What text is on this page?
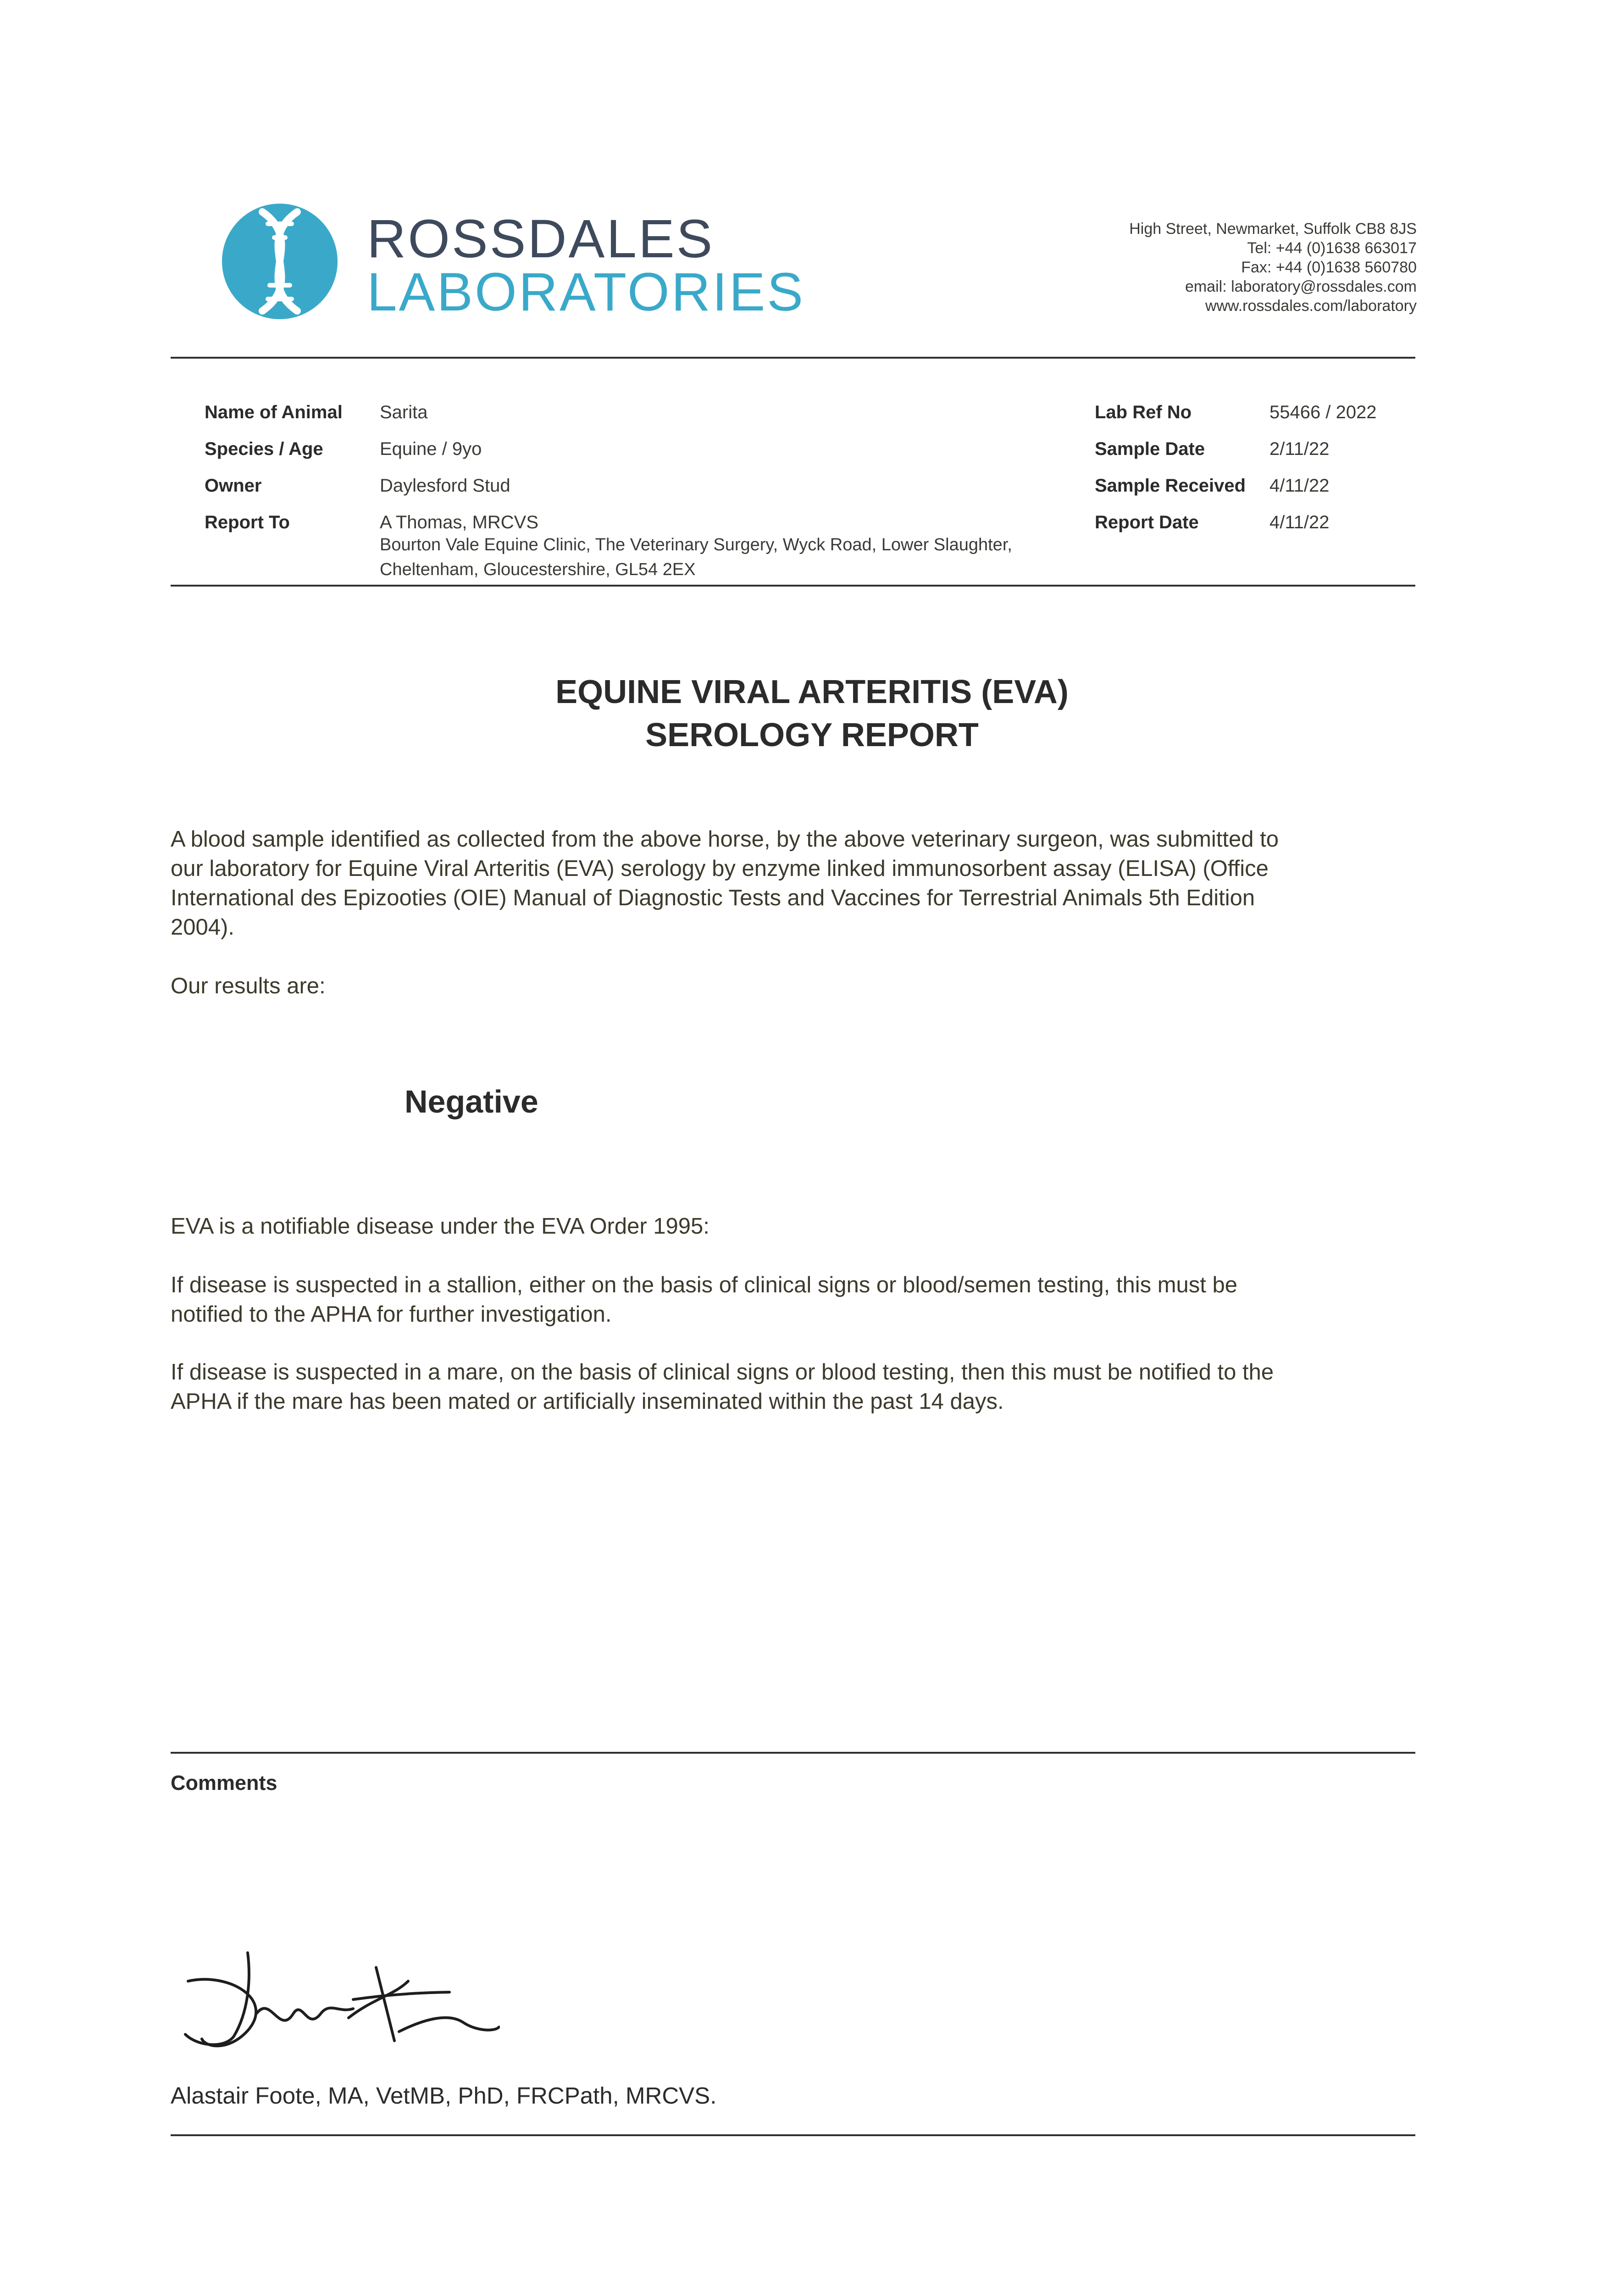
ROSSDALES
LABORATORIES
High Street, Newmarket, Suffolk CB8 8JS
Tel: +44 (0)1638 663017
Fax: +44 (0)1638 560780
email: laboratory@rossdales.com
www.rossdales.com/laboratory
Name of Animal Sarita
Species / Age	Equine / 9yo
Owner	Daylesford Stud
Report To	A Thomas, MRCVS
Bourton Vale Equine Clinic, The Veterinary Surgery, Wyck Road, Lower Slaughter,
Cheltenham, Gloucestershire, GL54 2EX
Lab Ref No	55466 / 2022
Sample Date	2/11/22
Sample Received 4/11/22
Report Date	4/11/22
EQUINE VIRAL ARTERITIS (EVA)
SEROLOGY REPORT
A blood sample identified as collected from the above horse, by the above veterinary surgeon, was submitted to
our laboratory for Equine Viral Arteritis (EVA) serology by enzyme linked immunosorbent assay (ELISA) (Office
International des Epizooties (OIE) Manual of Diagnostic Tests and Vaccines for Terrestrial Animals 5th Edition
2004).
Our results are:
Negative
EVA is a notifiable disease under the EVA Order 1995:
If disease is suspected in a stallion, either on the basis of clinical signs or blood/semen testing, this must be
notified to the APHA for further investigation.
If disease is suspected in a mare, on the basis of clinical signs or blood testing, then this must be notified to the
APHA if the mare has been mated or artificially inseminated within the past 14 days.
Comments
Alastair Foote, MA, VetMB, PhD, FRCPath, MRCVS.
